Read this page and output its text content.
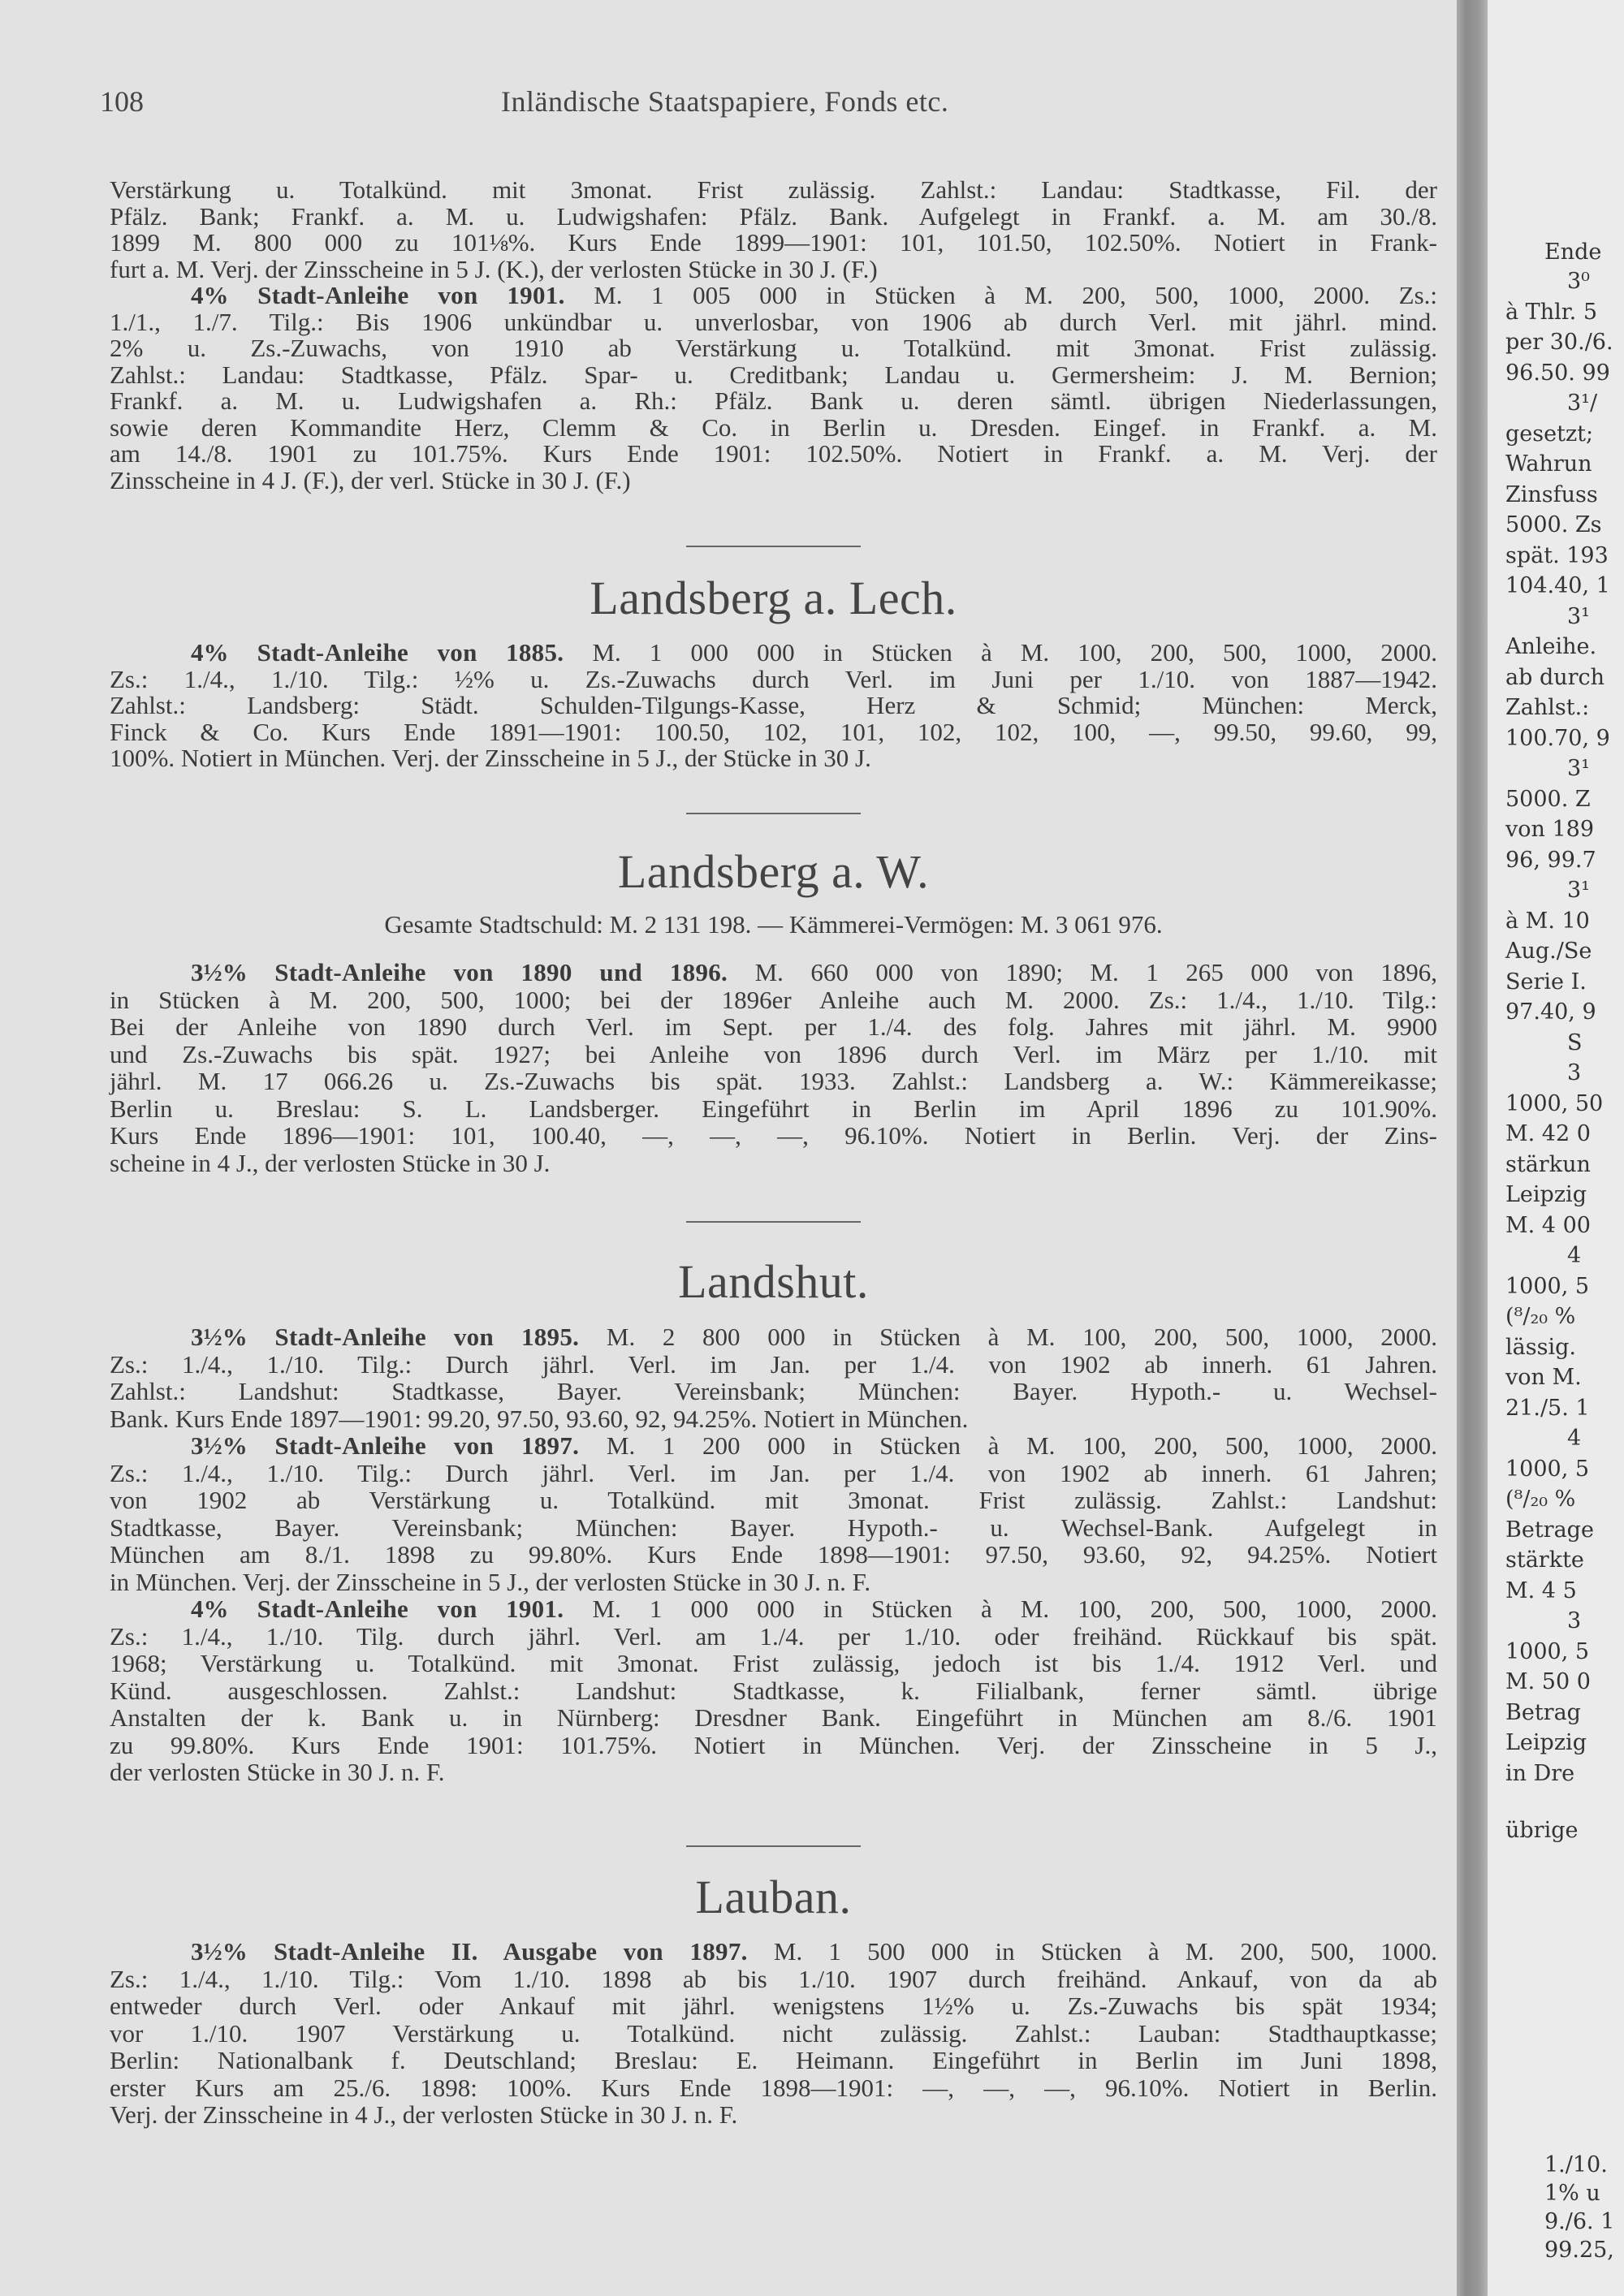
Ende
3⁰
à Thlr. 5
per 30./6.
96.50. 99
3¹/
gesetzt;
Wahrun
Zinsfuss
5000. Zs
spät. 193
104.40, 1
3¹
Anleihe.
ab durch
Zahlst.:
100.70, 9
3¹
5000. Z
von 189
96, 99.7
3¹
à M. 10
Aug./Se
Serie I.
97.40, 9
S
3
1000, 50
M. 42 0
stärkun
Leipzig
M. 4 00
4
1000, 5
(⁸/₂₀ %
lässig.
von M.
21./5. 1
4
1000, 5
(⁸/₂₀ %
Betrage
stärkte
M. 4 5
3
1000, 5
M. 50 0
Betrag
Leipzig
in Dre
übrige
1./10.
1% u
9./6. 1
99.25,
108	Inländische Staatspapiere, Fonds etc.
Verstärkung u. Totalkünd. mit 3monat. Frist zulässig. Zahlst.: Landau: Stadtkasse, Fil. der
Pfälz. Bank; Frankf. a. M. u. Ludwigshafen: Pfälz. Bank. Aufgelegt in Frankf. a. M. am 30./8.
1899 M. 800 000 zu 101⅛%. Kurs Ende 1899—1901: 101, 101.50, 102.50%. Notiert in Frank-
furt a. M. Verj. der Zinsscheine in 5 J. (K.), der verlosten Stücke in 30 J. (F.)
4% Stadt-Anleihe von 1901. M. 1 005 000 in Stücken à M. 200, 500, 1000, 2000. Zs.:
1./1., 1./7. Tilg.: Bis 1906 unkündbar u. unverlosbar, von 1906 ab durch Verl. mit jährl. mind.
2% u. Zs.-Zuwachs, von 1910 ab Verstärkung u. Totalkünd. mit 3monat. Frist zulässig.
Zahlst.: Landau: Stadtkasse, Pfälz. Spar- u. Creditbank; Landau u. Germersheim: J. M. Bernion;
Frankf. a. M. u. Ludwigshafen a. Rh.: Pfälz. Bank u. deren sämtl. übrigen Niederlassungen,
sowie deren Kommandite Herz, Clemm & Co. in Berlin u. Dresden. Eingef. in Frankf. a. M.
am 14./8. 1901 zu 101.75%. Kurs Ende 1901: 102.50%. Notiert in Frankf. a. M. Verj. der
Zinsscheine in 4 J. (F.), der verl. Stücke in 30 J. (F.)
Landsberg a. Lech.
4% Stadt-Anleihe von 1885. M. 1 000 000 in Stücken à M. 100, 200, 500, 1000, 2000.
Zs.: 1./4., 1./10. Tilg.: ½% u. Zs.-Zuwachs durch Verl. im Juni per 1./10. von 1887—1942.
Zahlst.: Landsberg: Städt. Schulden-Tilgungs-Kasse, Herz & Schmid; München: Merck,
Finck & Co. Kurs Ende 1891—1901: 100.50, 102, 101, 102, 102, 100, —, 99.50, 99.60, 99,
100%. Notiert in München. Verj. der Zinsscheine in 5 J., der Stücke in 30 J.
Landsberg a. W.
Gesamte Stadtschuld: M. 2 131 198. — Kämmerei-Vermögen: M. 3 061 976.
3½% Stadt-Anleihe von 1890 und 1896. M. 660 000 von 1890; M. 1 265 000 von 1896,
in Stücken à M. 200, 500, 1000; bei der 1896er Anleihe auch M. 2000. Zs.: 1./4., 1./10. Tilg.:
Bei der Anleihe von 1890 durch Verl. im Sept. per 1./4. des folg. Jahres mit jährl. M. 9900
und Zs.-Zuwachs bis spät. 1927; bei Anleihe von 1896 durch Verl. im März per 1./10. mit
jährl. M. 17 066.26 u. Zs.-Zuwachs bis spät. 1933. Zahlst.: Landsberg a. W.: Kämmereikasse;
Berlin u. Breslau: S. L. Landsberger. Eingeführt in Berlin im April 1896 zu 101.90%.
Kurs Ende 1896—1901: 101, 100.40, —, —, —, 96.10%. Notiert in Berlin. Verj. der Zins-
scheine in 4 J., der verlosten Stücke in 30 J.
Landshut.
3½% Stadt-Anleihe von 1895. M. 2 800 000 in Stücken à M. 100, 200, 500, 1000, 2000.
Zs.: 1./4., 1./10. Tilg.: Durch jährl. Verl. im Jan. per 1./4. von 1902 ab innerh. 61 Jahren.
Zahlst.: Landshut: Stadtkasse, Bayer. Vereinsbank; München: Bayer. Hypoth.- u. Wechsel-
Bank. Kurs Ende 1897—1901: 99.20, 97.50, 93.60, 92, 94.25%. Notiert in München.
3½% Stadt-Anleihe von 1897. M. 1 200 000 in Stücken à M. 100, 200, 500, 1000, 2000.
Zs.: 1./4., 1./10. Tilg.: Durch jährl. Verl. im Jan. per 1./4. von 1902 ab innerh. 61 Jahren;
von 1902 ab Verstärkung u. Totalkünd. mit 3monat. Frist zulässig. Zahlst.: Landshut:
Stadtkasse, Bayer. Vereinsbank; München: Bayer. Hypoth.- u. Wechsel-Bank. Aufgelegt in
München am 8./1. 1898 zu 99.80%. Kurs Ende 1898—1901: 97.50, 93.60, 92, 94.25%. Notiert
in München. Verj. der Zinsscheine in 5 J., der verlosten Stücke in 30 J. n. F.
4% Stadt-Anleihe von 1901. M. 1 000 000 in Stücken à M. 100, 200, 500, 1000, 2000.
Zs.: 1./4., 1./10. Tilg. durch jährl. Verl. am 1./4. per 1./10. oder freihänd. Rückkauf bis spät.
1968; Verstärkung u. Totalkünd. mit 3monat. Frist zulässig, jedoch ist bis 1./4. 1912 Verl. und
Künd. ausgeschlossen. Zahlst.: Landshut: Stadtkasse, k. Filialbank, ferner sämtl. übrige
Anstalten der k. Bank u. in Nürnberg: Dresdner Bank. Eingeführt in München am 8./6. 1901
zu 99.80%. Kurs Ende 1901: 101.75%. Notiert in München. Verj. der Zinsscheine in 5 J.,
der verlosten Stücke in 30 J. n. F.
Lauban.
3½% Stadt-Anleihe II. Ausgabe von 1897. M. 1 500 000 in Stücken à M. 200, 500, 1000.
Zs.: 1./4., 1./10. Tilg.: Vom 1./10. 1898 ab bis 1./10. 1907 durch freihänd. Ankauf, von da ab
entweder durch Verl. oder Ankauf mit jährl. wenigstens 1½% u. Zs.-Zuwachs bis spät 1934;
vor 1./10. 1907 Verstärkung u. Totalkünd. nicht zulässig. Zahlst.: Lauban: Stadthauptkasse;
Berlin: Nationalbank f. Deutschland; Breslau: E. Heimann. Eingeführt in Berlin im Juni 1898,
erster Kurs am 25./6. 1898: 100%. Kurs Ende 1898—1901: —, —, —, 96.10%. Notiert in Berlin.
Verj. der Zinsscheine in 4 J., der verlosten Stücke in 30 J. n. F.
